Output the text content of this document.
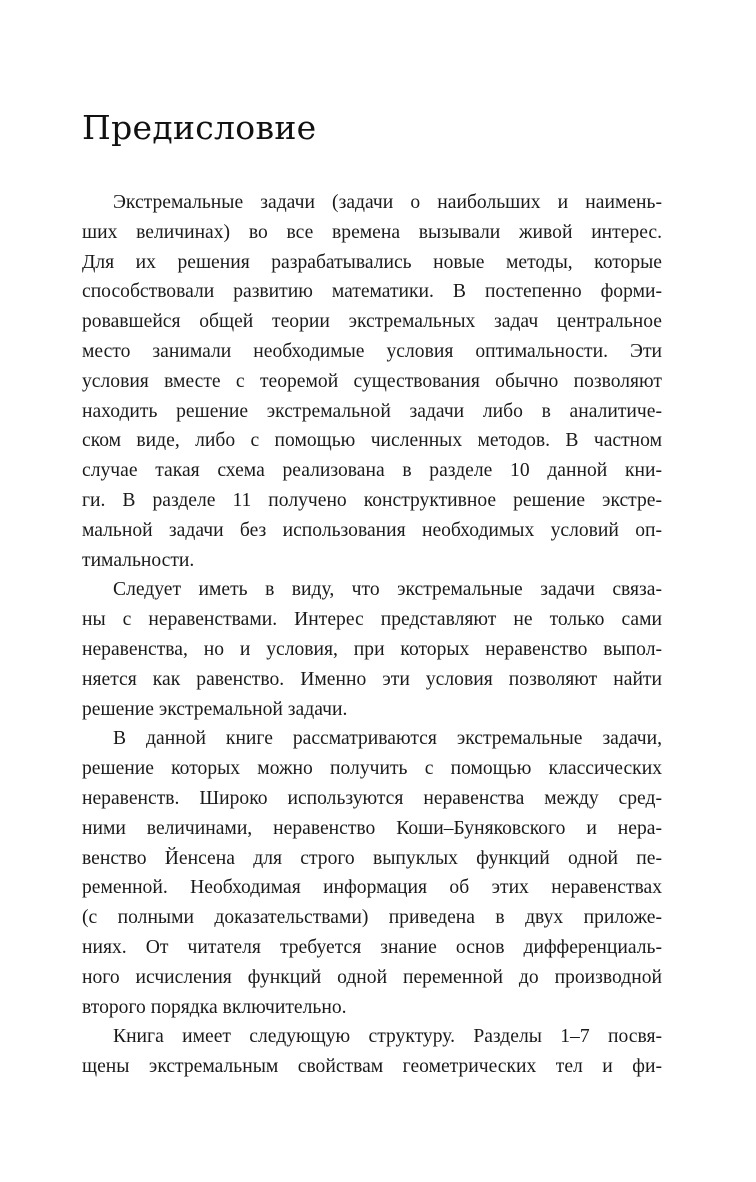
Предисловие
Экстремальные задачи (задачи о наибольших и наимень-
ших величинах) во все времена вызывали живой интерес.
Для их решения разрабатывались новые методы, которые
способствовали развитию математики. В постепенно форми-
ровавшейся общей теории экстремальных задач центральное
место занимали необходимые условия оптимальности. Эти
условия вместе с теоремой существования обычно позволяют
находить решение экстремальной задачи либо в аналитиче-
ском виде, либо с помощью численных методов. В частном
случае такая схема реализована в разделе 10 данной кни-
ги. В разделе 11 получено конструктивное решение экстре-
мальной задачи без использования необходимых условий оп-
тимальности.
Следует иметь в виду, что экстремальные задачи связа-
ны с неравенствами. Интерес представляют не только сами
неравенства, но и условия, при которых неравенство выпол-
няется как равенство. Именно эти условия позволяют найти
решение экстремальной задачи.
В данной книге рассматриваются экстремальные задачи,
решение которых можно получить с помощью классических
неравенств. Широко используются неравенства между сред-
ними величинами, неравенство Коши–Буняковского и нера-
венство Йенсена для строго выпуклых функций одной пе-
ременной. Необходимая информация об этих неравенствах
(с полными доказательствами) приведена в двух приложе-
ниях. От читателя требуется знание основ дифференциаль-
ного исчисления функций одной переменной до производной
второго порядка включительно.
Книга имеет следующую структуру. Разделы 1–7 посвя-
щены экстремальным свойствам геометрических тел и фи-
